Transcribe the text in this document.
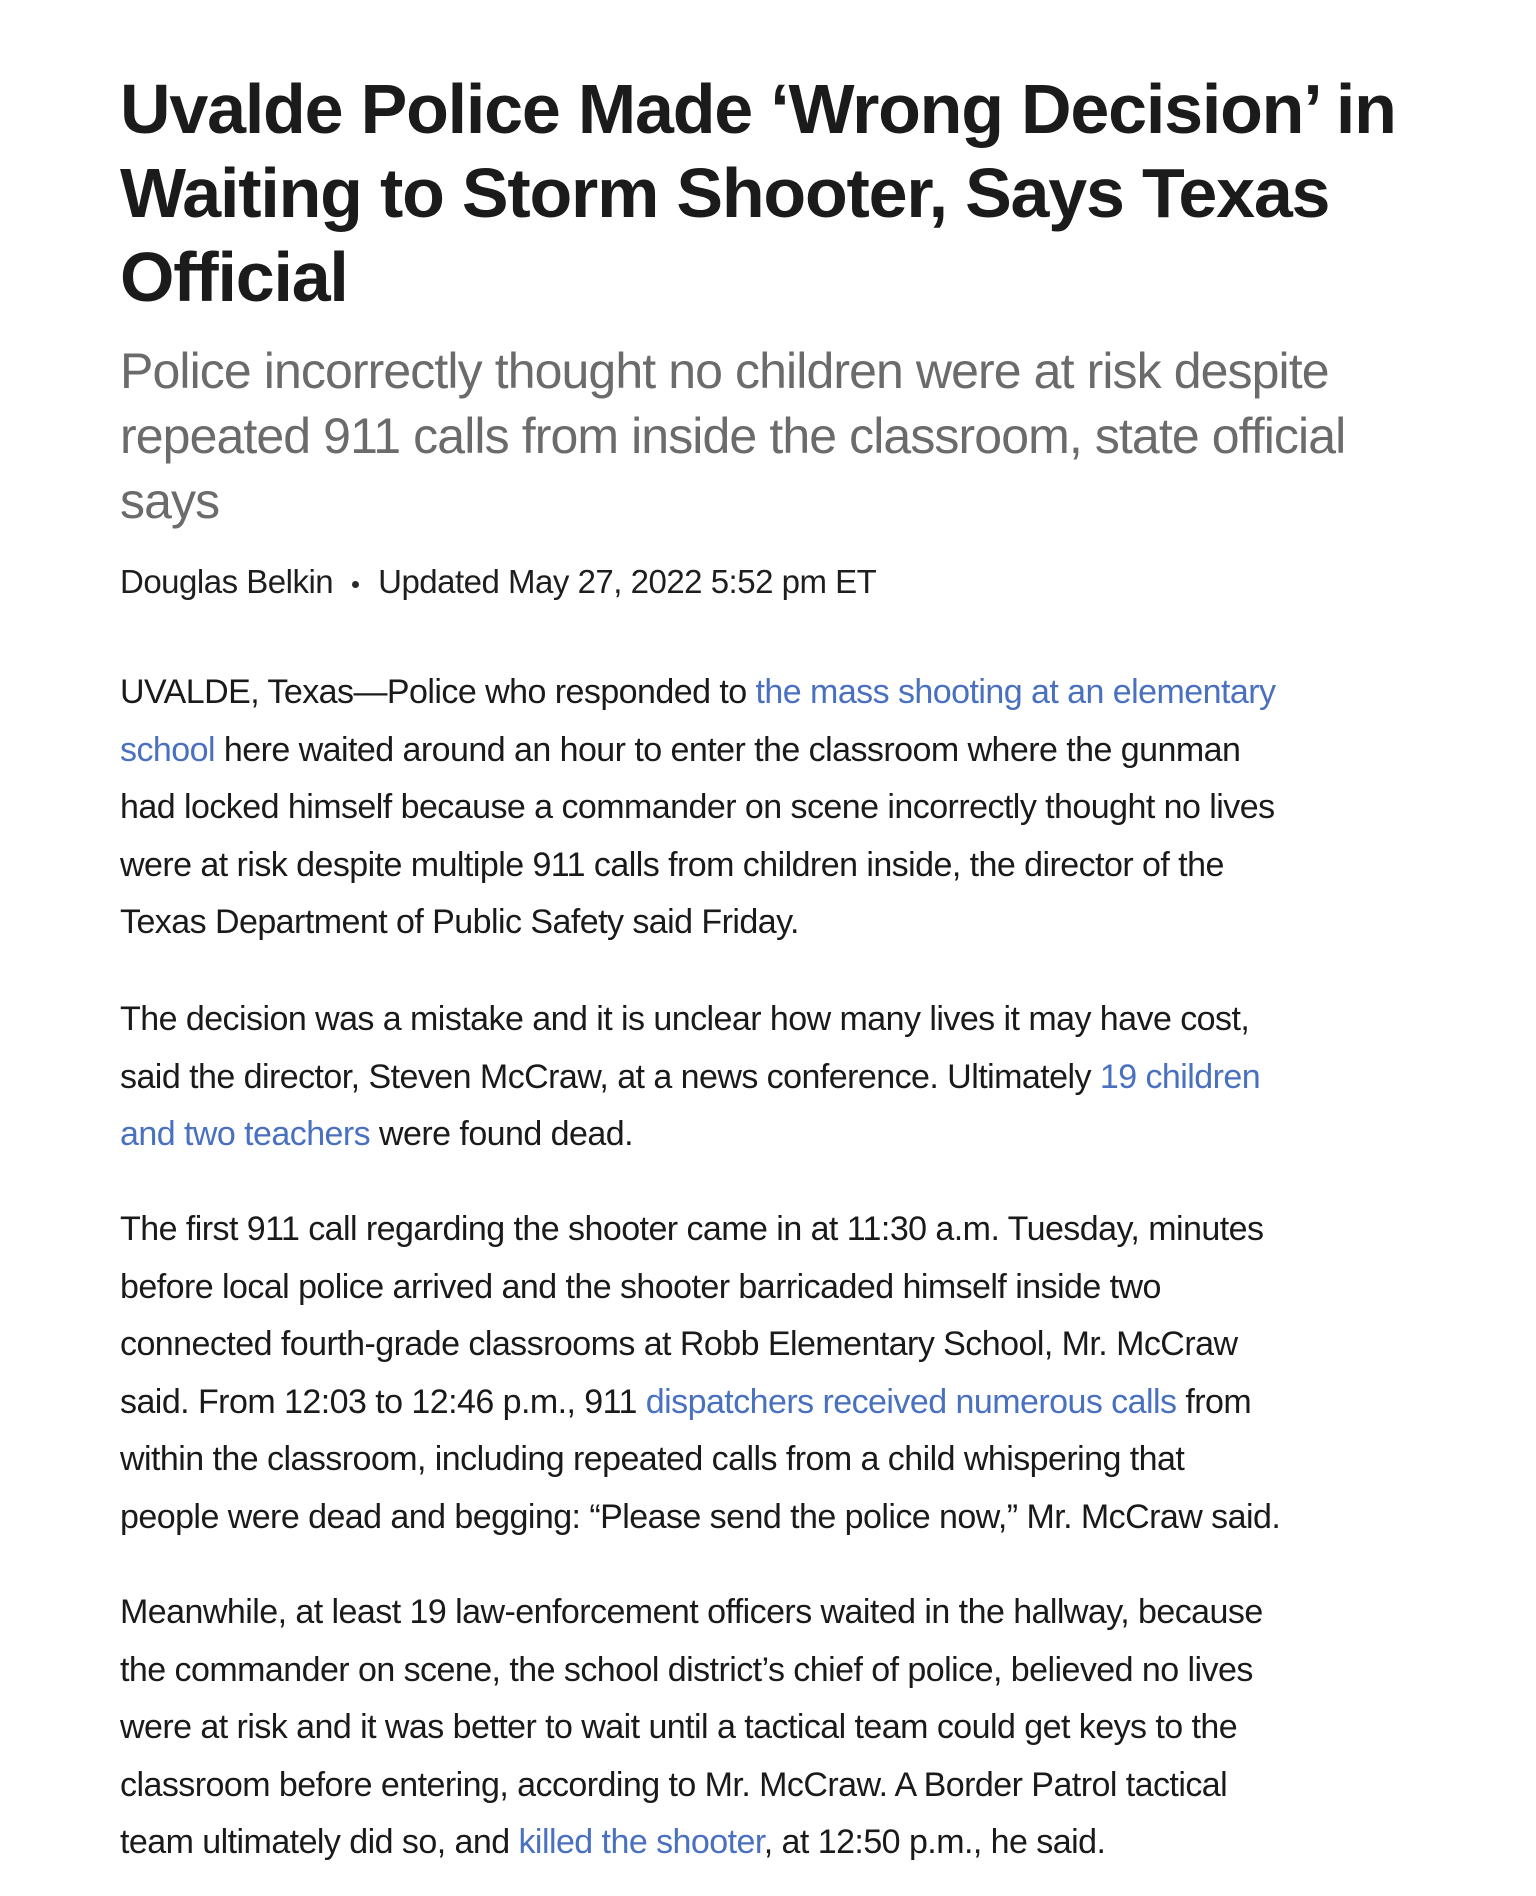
Uvalde Police Made ‘Wrong Decision’ in
Waiting to Storm Shooter, Says Texas
Official
Police incorrectly thought no children were at risk despite
repeated 911 calls from inside the classroom, state official
says
Douglas Belkin Updated May 27, 2022 5:52 pm ET

UVALDE, Texas—Police who responded to the mass shooting at an elementary
school here waited around an hour to enter the classroom where the gunman
had locked himself because a commander on scene incorrectly thought no lives
were at risk despite multiple 911 calls from children inside, the director of the
Texas Department of Public Safety said Friday.

The decision was a mistake and it is unclear how many lives it may have cost,
said the director, Steven McCraw, at a news conference. Ultimately 19 children
and two teachers were found dead.

The first 911 call regarding the shooter came in at 11:30 a.m. Tuesday, minutes
before local police arrived and the shooter barricaded himself inside two
connected fourth-grade classrooms at Robb Elementary School, Mr. McCraw
said. From 12:03 to 12:46 p.m., 911 dispatchers received numerous calls from
within the classroom, including repeated calls from a child whispering that
people were dead and begging: “Please send the police now,” Mr. McCraw said.

Meanwhile, at least 19 law-enforcement officers waited in the hallway, because
the commander on scene, the school district’s chief of police, believed no lives
were at risk and it was better to wait until a tactical team could get keys to the
classroom before entering, according to Mr. McCraw. A Border Patrol tactical
team ultimately did so, and killed the shooter, at 12:50 p.m., he said.
